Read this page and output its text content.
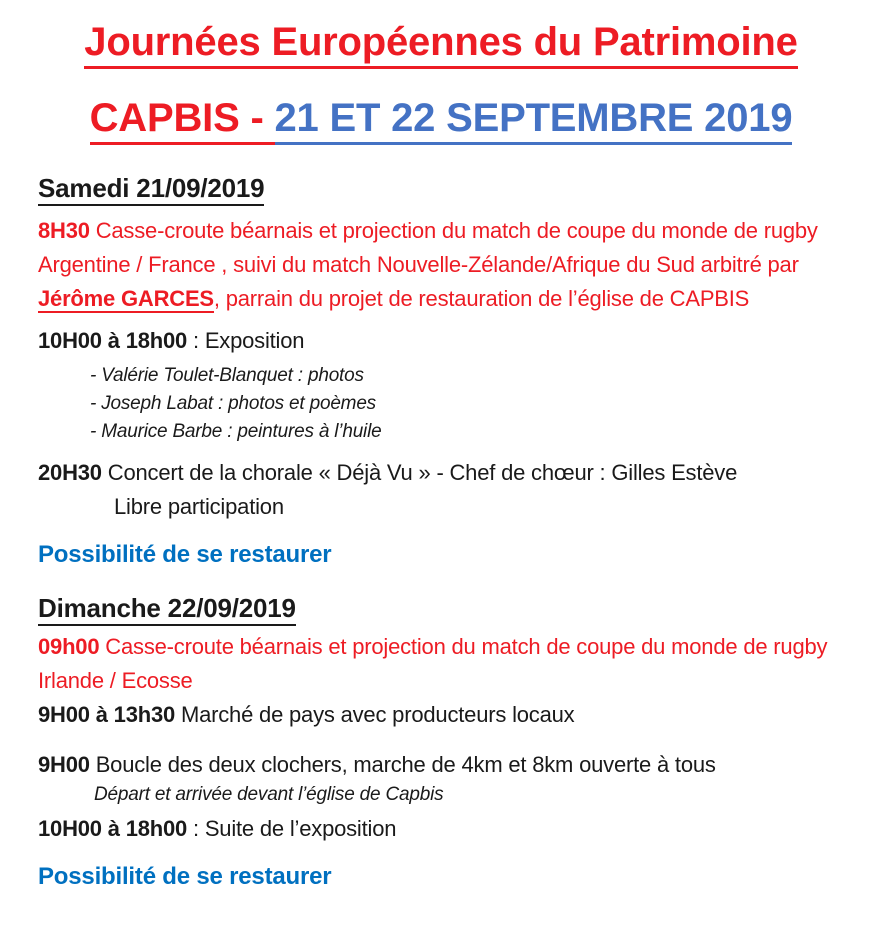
Journées Européennes du Patrimoine
CAPBIS - 21 ET 22 SEPTEMBRE 2019
Samedi 21/09/2019

8H30 Casse-croute béarnais et projection du match de coupe du monde de rugby  Argentine / France , suivi du match Nouvelle-Zélande/Afrique du Sud arbitré par Jérôme GARCES, parrain du projet de restauration de l’église de CAPBIS

10H00 à 18h00 : Exposition

- Valérie Toulet-Blanquet : photos
- Joseph Labat : photos et poèmes
- Maurice Barbe : peintures à l’huile

20H30 Concert de la chorale « Déjà Vu » - Chef de chœur : Gilles Estève

Libre participation

Possibilité de se restaurer

Dimanche 22/09/2019

09h00 Casse-croute béarnais et projection du match de coupe du monde de rugby  Irlande / Ecosse

9H00 à 13h30 Marché de pays avec producteurs locaux

9H00 Boucle des deux clochers, marche de 4km et 8km ouverte à tous

Départ et arrivée devant l’église de Capbis

10H00 à 18h00 : Suite de l’exposition

Possibilité de se restaurer
